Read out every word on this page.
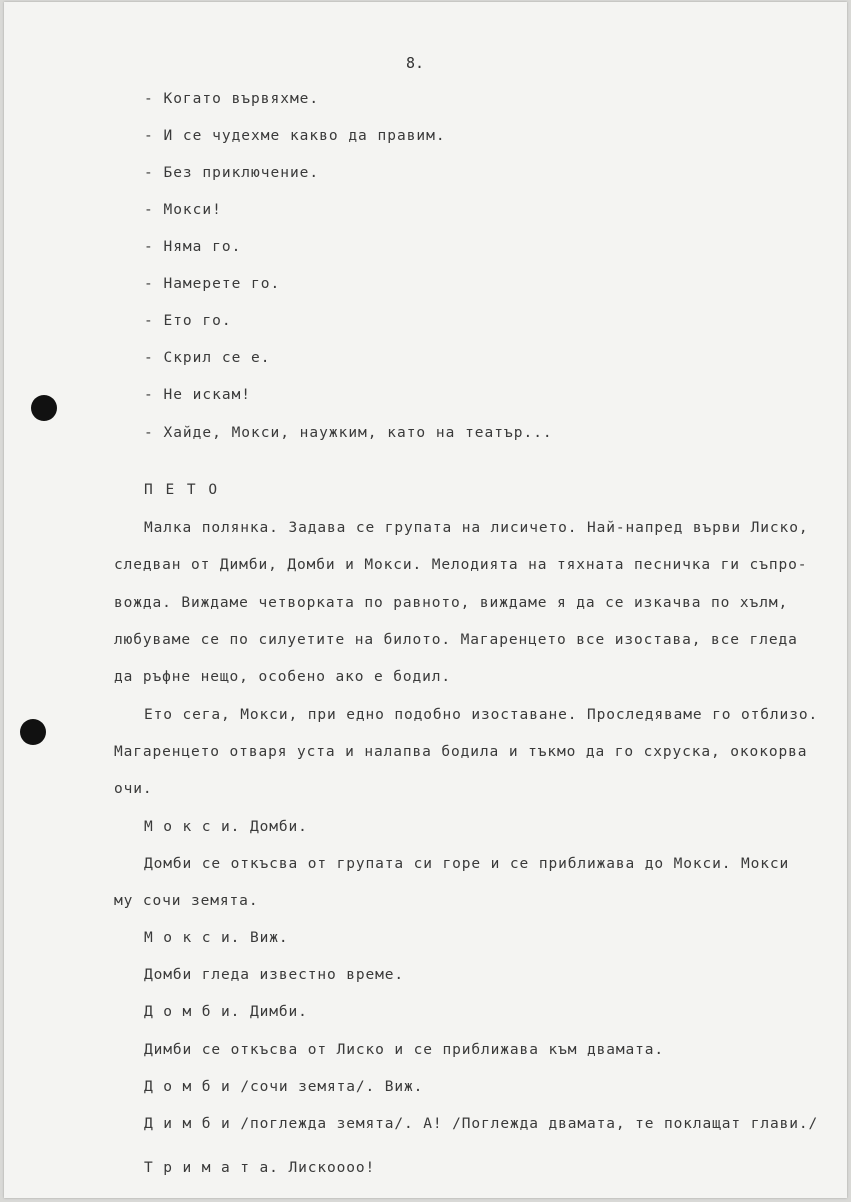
8.
- Когато вървяхме.
- И се чудехме какво да правим.
- Без приключение.
- Мокси!
- Няма го.
- Намерете го.
- Ето го.
- Скрил се е.
- Не искам!
- Хайде, Мокси, наужким, като на театър...
П Е Т О
Малка полянка. Задава се групата на лисичето. Най-напред върви Лиско,
следван от Димби, Домби и Мокси. Мелодията на тяхната песничка ги съпро-
вожда. Виждаме четворката по равното, виждаме я да се изкачва по хълм,
любуваме се по силуетите на билото. Магаренцето все изостава, все гледа
да ръфне нещо, особено ако е бодил.
Ето сега, Мокси, при едно подобно изоставане. Проследяваме го отблизо.
Магаренцето отваря уста и налапва бодила и тъкмо да го схруска, ококорва
очи.
М о к с и. Домби.
Домби се откъсва от групата си горе и се приближава до Мокси. Мокси
му сочи земята.
М о к с и. Виж.
Домби гледа известно време.
Д о м б и. Димби.
Димби се откъсва от Лиско и се приближава към двамата.
Д о м б и /сочи земята/. Виж.
Д и м б и /поглежда земята/. А! /Поглежда двамата, те поклащат глави./
Т р и м а т а. Лискоооо!
